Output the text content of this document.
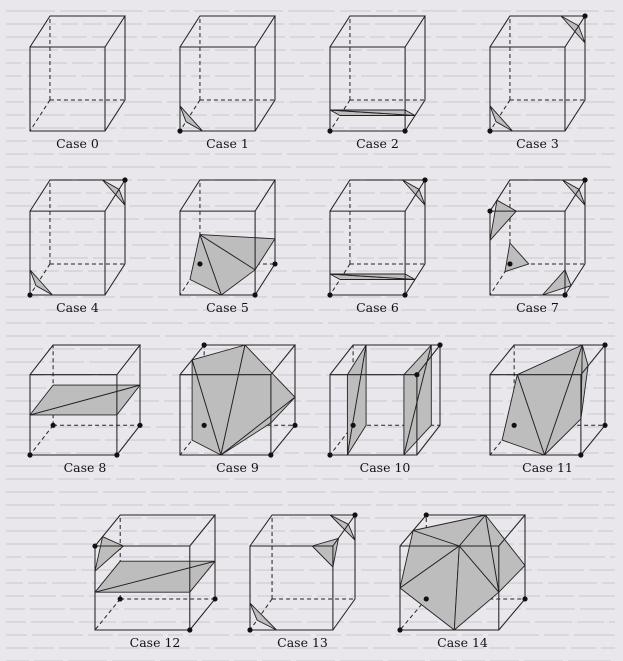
Case 0	Case 1	Case 2	Case 3
Case 4	Case 5	Case 6	Case 7
Case 8	Case 9	Case 10	Case 11
Case 12	Case 13	Case 14
